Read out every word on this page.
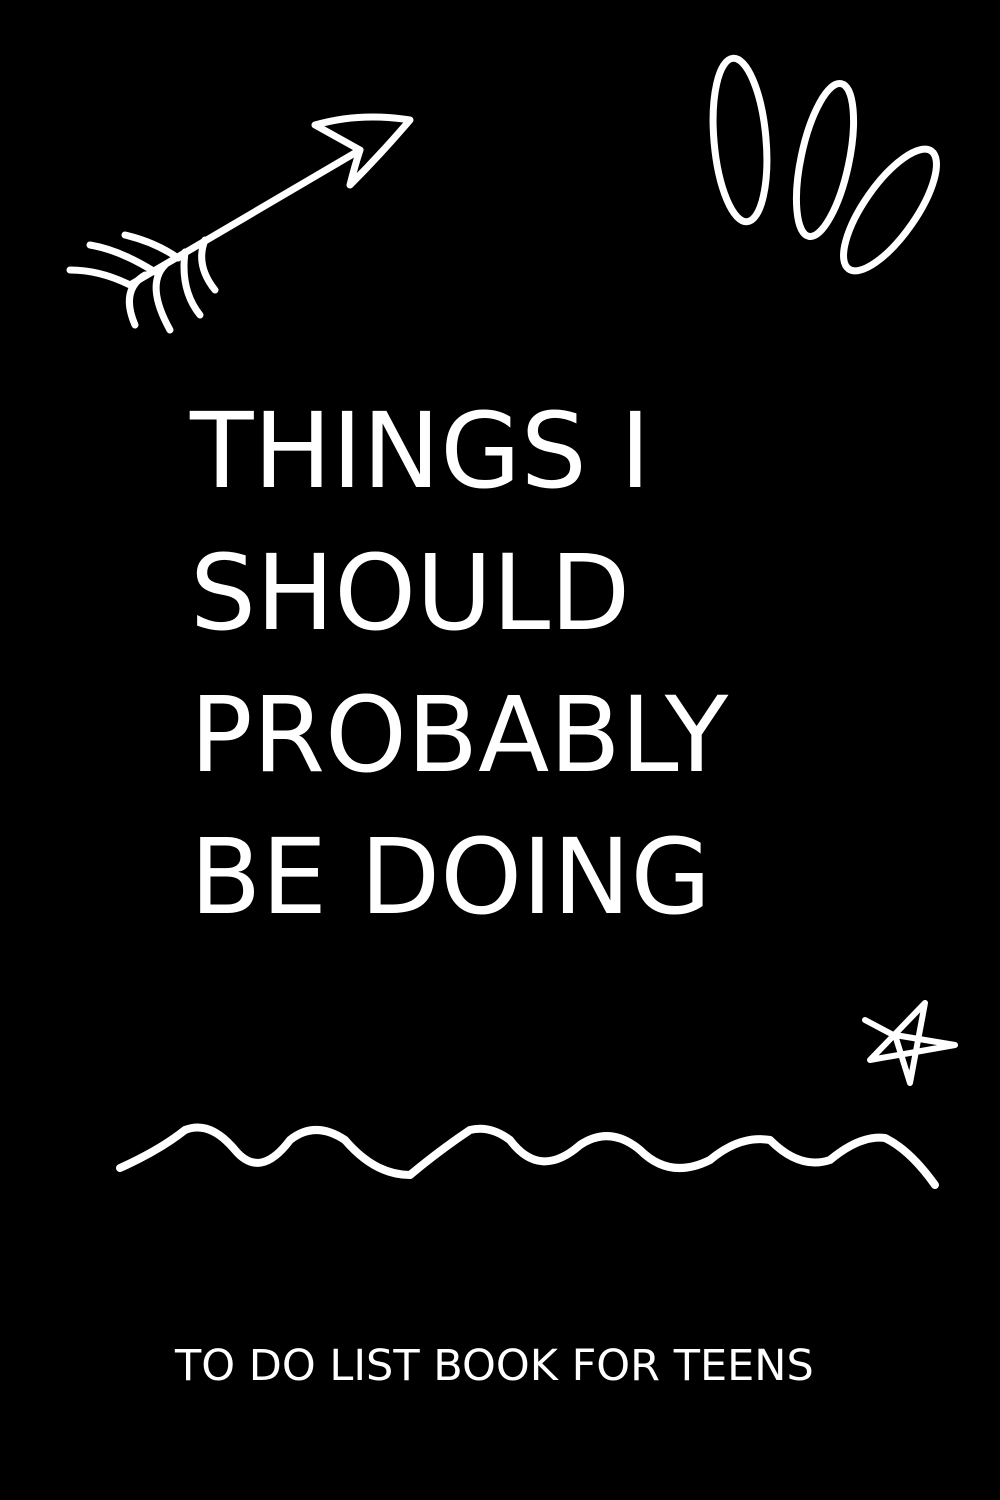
THINGS I
SHOULD
PROBABLY
BE DOING

TO DO LIST BOOK FOR TEENS
